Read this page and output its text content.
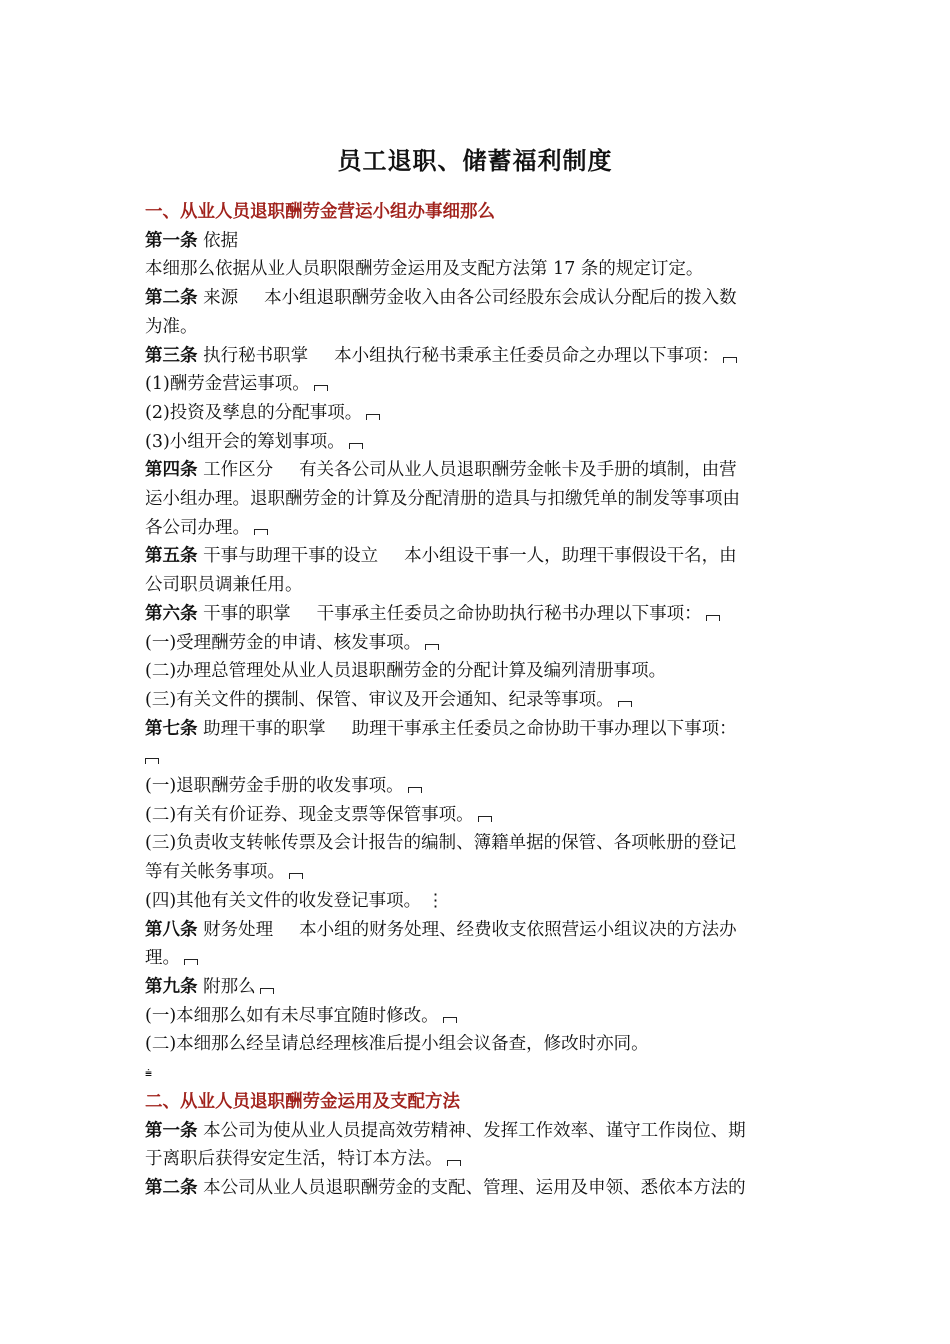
员工退职、储蓄福利制度
一、从业人员退职酬劳金营运小组办事细那么
第一条 依据
本细那么依据从业人员职限酬劳金运用及支配方法第 17 条的规定订定。
第二条 来源 本小组退职酬劳金收入由各公司经股东会成认分配后的拨入数
为准。
第三条 执行秘书职掌 本小组执行秘书秉承主任委员命之办理以下事项：
(1)酬劳金营运事项。
(2)投资及孳息的分配事项。
(3)小组开会的筹划事项。
第四条 工作区分 有关各公司从业人员退职酬劳金帐卡及手册的填制，由营
运小组办理。退职酬劳金的计算及分配清册的造具与扣缴凭单的制发等事项由
各公司办理。
第五条 干事与助理干事的设立 本小组设干事一人，助理干事假设干名，由
公司职员调兼任用。
第六条 干事的职掌 干事承主任委员之命协助执行秘书办理以下事项：
(一)受理酬劳金的申请、核发事项。
(二)办理总管理处从业人员退职酬劳金的分配计算及编列清册事项。
(三)有关文件的撰制、保管、审议及开会通知、纪录等事项。
第七条 助理干事的职掌 助理干事承主任委员之命协助干事办理以下事项：
(一)退职酬劳金手册的收发事项。
(二)有关有价证券、现金支票等保管事项。
(三)负责收支转帐传票及会计报告的编制、簿籍单据的保管、各项帐册的登记
等有关帐务事项。
(四)其他有关文件的收发登记事项。 ⋮
第八条 财务处理 本小组的财务处理、经费收支依照营运小组议决的方法办
理。
第九条 附那么
(一)本细那么如有未尽事宜随时修改。
(二)本细那么经呈请总经理核准后提小组会议备查，修改时亦同。
⩧
二、从业人员退职酬劳金运用及支配方法
第一条 本公司为使从业人员提高效劳精神、发挥工作效率、谨守工作岗位、期
于离职后获得安定生活，特订本方法。
第二条 本公司从业人员退职酬劳金的支配、管理、运用及申领、悉依本方法的
